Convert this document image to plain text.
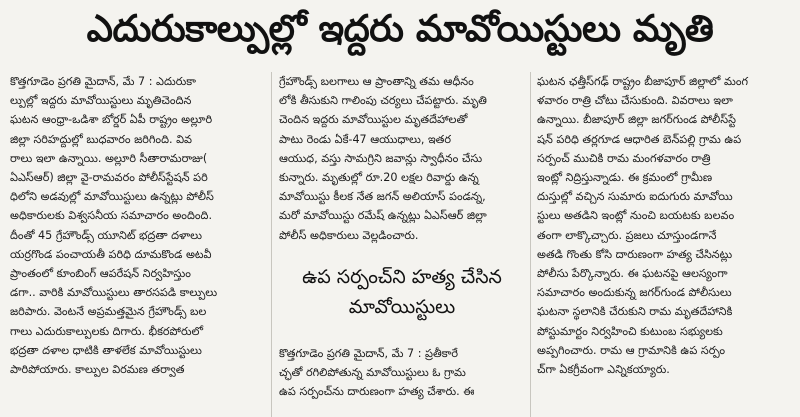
ఎదురుకాల్పుల్లో ఇద్దరు మావోయిస్టులు మృతి
కొత్తగూడెం ప్రగతి మైదాన్, మే 7 : ఎదురుకా
ల్పుల్లో ఇద్దరు మావోయిస్టులు మృతిచెందిన
ఘటన ఆంధ్రా-ఒడిశా బోర్డర్ ఏపీ రాష్ట్రం అల్లూరి
జిల్లా సరిహద్దుల్లో బుధవారం జరిగింది. వివ
రాలు ఇలా ఉన్నాయి. అల్లూరి సీతారామరాజు(
ఏఎస్ఆర్) జిల్లా వై-రామవరం పోలీస్‌స్టేషన్ పరి
ధిలోని అడవుల్లో మావోయిస్టులు ఉన్నట్లు పోలీస్
అధికారులకు విశ్వసనీయ సమాచారం అందింది.
దీంతో 45 గ్రేహౌండ్స్ యూనిట్ భద్రతా దళాలు
యర్రగొండ పంచాయతీ పరిధి దూమకొండ అటవీ
ప్రాంతంలో కూంబింగ్ ఆపరేషన్ నిర్వహిస్తుం
డగా.. వారికి మావోయిస్టులు తారసపడి కాల్పులు
జరిపారు. వెంటనే అప్రమత్తమైన గ్రేహౌండ్స్ బల
గాలు ఎదురుకాల్పులకు దిగారు. భీకరపోరులో
భద్రతా దళాల ధాటికి తాళలేక మావోయిస్టులు
పారిపోయారు. కాల్పుల విరమణ తర్వాత
గ్రేహౌండ్స్ బలగాలు ఆ ప్రాంతాన్ని తమ ఆధీనం
లోకి తీసుకుని గాలింపు చర్యలు చేపట్టారు. మృతి
చెందిన ఇద్దరు మావోయిస్టుల మృతదేహాలతో
పాటు రెండు ఏకే-47 ఆయుధాలు, ఇతర
ఆయుధ, వస్తు సామగ్రిని జవాన్లు స్వాధీనం చేసు
కున్నారు. మృతుల్లో రూ.20 లక్షల రివార్డు ఉన్న
మావోయిస్టు కీలక నేత జగన్ అలియాస్ పండన్న,
మరో మావోయిస్టు రమేష్ ఉన్నట్లు ఏఎస్ఆర్ జిల్లా
పోలీస్ అధికారులు వెల్లడించారు.
ఉప సర్పంచ్‌ని హత్య చేసిన
మావోయిస్టులు
కొత్తగూడెం ప్రగతి మైదాన్, మే 7 : ప్రతీకారే
చ్ఛతో రగిలిపోతున్న మావోయిస్టులు ఓ గ్రామ
ఉప సర్పంచ్‌ను దారుణంగా హత్య చేశారు. ఈ
ఘటన ఛత్తీస్‌గఢ్ రాష్ట్రం బీజాపూర్ జిల్లాలో మంగ
ళవారం రాత్రి చోటు చేసుకుంది. వివరాలు ఇలా
ఉన్నాయి. బీజాపూర్ జిల్లా జగర్‌గుండ పోలీస్‌స్టే
షన్ పరిధి తర్లగూడ ఆధారిత బెన్‌పల్లి గ్రామ ఉప
సర్పంచ్ ముచికి రామ మంగళవారం రాత్రి
ఇంట్లో నిద్రిస్తున్నాడు. ఈ క్రమంలో గ్రామీణ
దుస్తుల్లో వచ్చిన సుమారు ఐదుగురు మావోయి
స్టులు అతడిని ఇంట్లో నుంచి బయటకు బలవం
తంగా లాక్కొచ్చారు. ప్రజలు చూస్తుండగానే
అతడి గొంతు కోసి దారుణంగా హత్య చేసినట్లు
పోలీసు పేర్కొన్నారు. ఈ ఘటనపై ఆలస్యంగా
సమాచారం అందుకున్న జగర్‌గుండ పోలీసులు
ఘటనా స్థలానికి చేరుకుని రామ మృతదేహానికి
పోస్టుమార్టం నిర్వహించి కుటుంబ సభ్యులకు
అప్పగించారు. రామ ఆ గ్రామానికి ఉప సర్పం
చ్‌గా ఏకగ్రీవంగా ఎన్నికయ్యారు.
